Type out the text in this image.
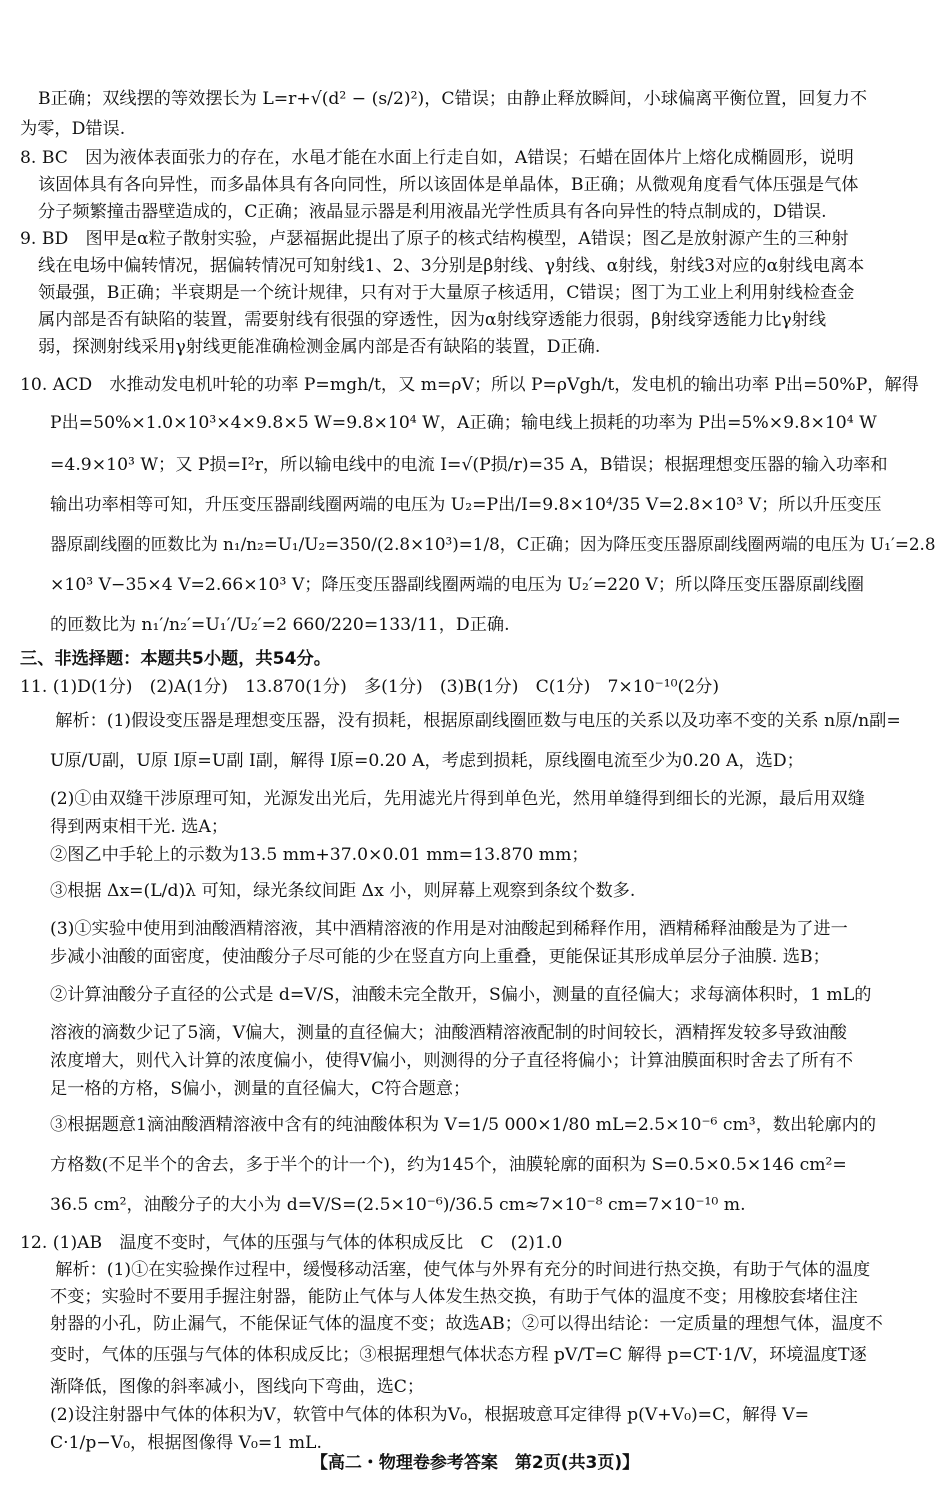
B正确；双线摆的等效摆长为 L=r+√(d² − (s/2)²)，C错误；由静止释放瞬间，小球偏离平衡位置，回复力不
为零，D错误.
8. BC　因为液体表面张力的存在，水黾才能在水面上行走自如，A错误；石蜡在固体片上熔化成椭圆形，说明
该固体具有各向异性，而多晶体具有各向同性，所以该固体是单晶体，B正确；从微观角度看气体压强是气体
分子频繁撞击器壁造成的，C正确；液晶显示器是利用液晶光学性质具有各向异性的特点制成的，D错误.
9. BD　图甲是α粒子散射实验，卢瑟福据此提出了原子的核式结构模型，A错误；图乙是放射源产生的三种射
线在电场中偏转情况，据偏转情况可知射线1、2、3分别是β射线、γ射线、α射线，射线3对应的α射线电离本
领最强，B正确；半衰期是一个统计规律，只有对于大量原子核适用，C错误；图丁为工业上利用射线检查金
属内部是否有缺陷的装置，需要射线有很强的穿透性，因为α射线穿透能力很弱，β射线穿透能力比γ射线
弱，探测射线采用γ射线更能准确检测金属内部是否有缺陷的装置，D正确.
10. ACD　水推动发电机叶轮的功率 P=mgh/t，又 m=ρV；所以 P=ρVgh/t，发电机的输出功率 P出=50%P，解得
P出=50%×1.0×10³×4×9.8×5 W=9.8×10⁴ W，A正确；输电线上损耗的功率为 P出=5%×9.8×10⁴ W
=4.9×10³ W；又 P损=I²r，所以输电线中的电流 I=√(P损/r)=35 A，B错误；根据理想变压器的输入功率和
输出功率相等可知，升压变压器副线圈两端的电压为 U₂=P出/I=9.8×10⁴/35 V=2.8×10³ V；所以升压变压
器原副线圈的匝数比为 n₁/n₂=U₁/U₂=350/(2.8×10³)=1/8，C正确；因为降压变压器原副线圈两端的电压为 U₁′=2.8
×10³ V−35×4 V=2.66×10³ V；降压变压器副线圈两端的电压为 U₂′=220 V；所以降压变压器原副线圈
的匝数比为 n₁′/n₂′=U₁′/U₂′=2 660/220=133/11，D正确.
三、非选择题：本题共5小题，共54分。
11. (1)D(1分)　(2)A(1分)　13.870(1分)　多(1分)　(3)B(1分)　C(1分)　7×10⁻¹⁰(2分)
　解析：(1)假设变压器是理想变压器，没有损耗，根据原副线圈匝数与电压的关系以及功率不变的关系 n原/n副=
U原/U副，U原 I原=U副 I副，解得 I原=0.20 A，考虑到损耗，原线圈电流至少为0.20 A，选D；
(2)①由双缝干涉原理可知，光源发出光后，先用滤光片得到单色光，然用单缝得到细长的光源，最后用双缝
得到两束相干光. 选A；
②图乙中手轮上的示数为13.5 mm+37.0×0.01 mm=13.870 mm；
③根据 Δx=(L/d)λ 可知，绿光条纹间距 Δx 小，则屏幕上观察到条纹个数多.
(3)①实验中使用到油酸酒精溶液，其中酒精溶液的作用是对油酸起到稀释作用，酒精稀释油酸是为了进一
步减小油酸的面密度，使油酸分子尽可能的少在竖直方向上重叠，更能保证其形成单层分子油膜. 选B；
②计算油酸分子直径的公式是 d=V/S，油酸未完全散开，S偏小，测量的直径偏大；求每滴体积时，1 mL的
溶液的滴数少记了5滴，V偏大，测量的直径偏大；油酸酒精溶液配制的时间较长，酒精挥发较多导致油酸
浓度增大，则代入计算的浓度偏小，使得V偏小，则测得的分子直径将偏小；计算油膜面积时舍去了所有不
足一格的方格，S偏小，测量的直径偏大，C符合题意；
③根据题意1滴油酸酒精溶液中含有的纯油酸体积为 V=1/5 000×1/80 mL=2.5×10⁻⁶ cm³，数出轮廓内的
方格数(不足半个的舍去，多于半个的计一个)，约为145个，油膜轮廓的面积为 S=0.5×0.5×146 cm²=
36.5 cm²，油酸分子的大小为 d=V/S=(2.5×10⁻⁶)/36.5 cm≈7×10⁻⁸ cm=7×10⁻¹⁰ m.
12. (1)AB　温度不变时，气体的压强与气体的体积成反比　C　(2)1.0
　解析：(1)①在实验操作过程中，缓慢移动活塞，使气体与外界有充分的时间进行热交换，有助于气体的温度
不变；实验时不要用手握注射器，能防止气体与人体发生热交换，有助于气体的温度不变；用橡胶套堵住注
射器的小孔，防止漏气，不能保证气体的温度不变；故选AB；②可以得出结论：一定质量的理想气体，温度不
变时，气体的压强与气体的体积成反比；③根据理想气体状态方程 pV/T=C 解得 p=CT·1/V，环境温度T逐
渐降低，图像的斜率减小，图线向下弯曲，选C；
(2)设注射器中气体的体积为V，软管中气体的体积为V₀，根据玻意耳定律得 p(V+V₀)=C，解得 V=
C·1/p−V₀，根据图像得 V₀=1 mL.
【高二・物理卷参考答案　第2页(共3页)】
